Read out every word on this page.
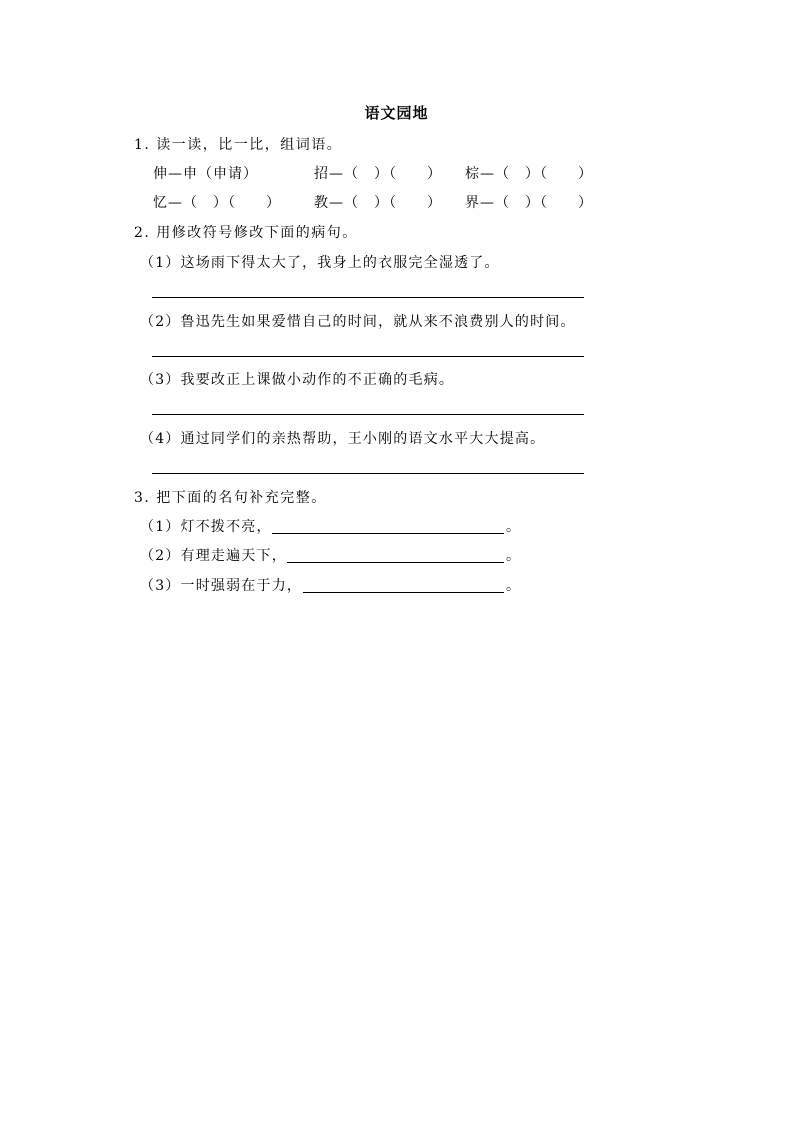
语文园地
1. 读一读，比一比，组词语。
伸—申（申请）	招—（　）（　　） 棕—（　）（　　）
忆—（　）（　　） 教—（　）（　　） 界—（　）（　　）
2. 用修改符号修改下面的病句。
（1）这场雨下得太大了，我身上的衣服完全湿透了。
（2）鲁迅先生如果爱惜自己的时间，就从来不浪费别人的时间。
（3）我要改正上课做小动作的不正确的毛病。
（4）通过同学们的亲热帮助，王小刚的语文水平大大提高。
3. 把下面的名句补充完整。
（1）灯不拨不亮，	。
（2）有理走遍天下，	。
（3）一时强弱在于力，	。
